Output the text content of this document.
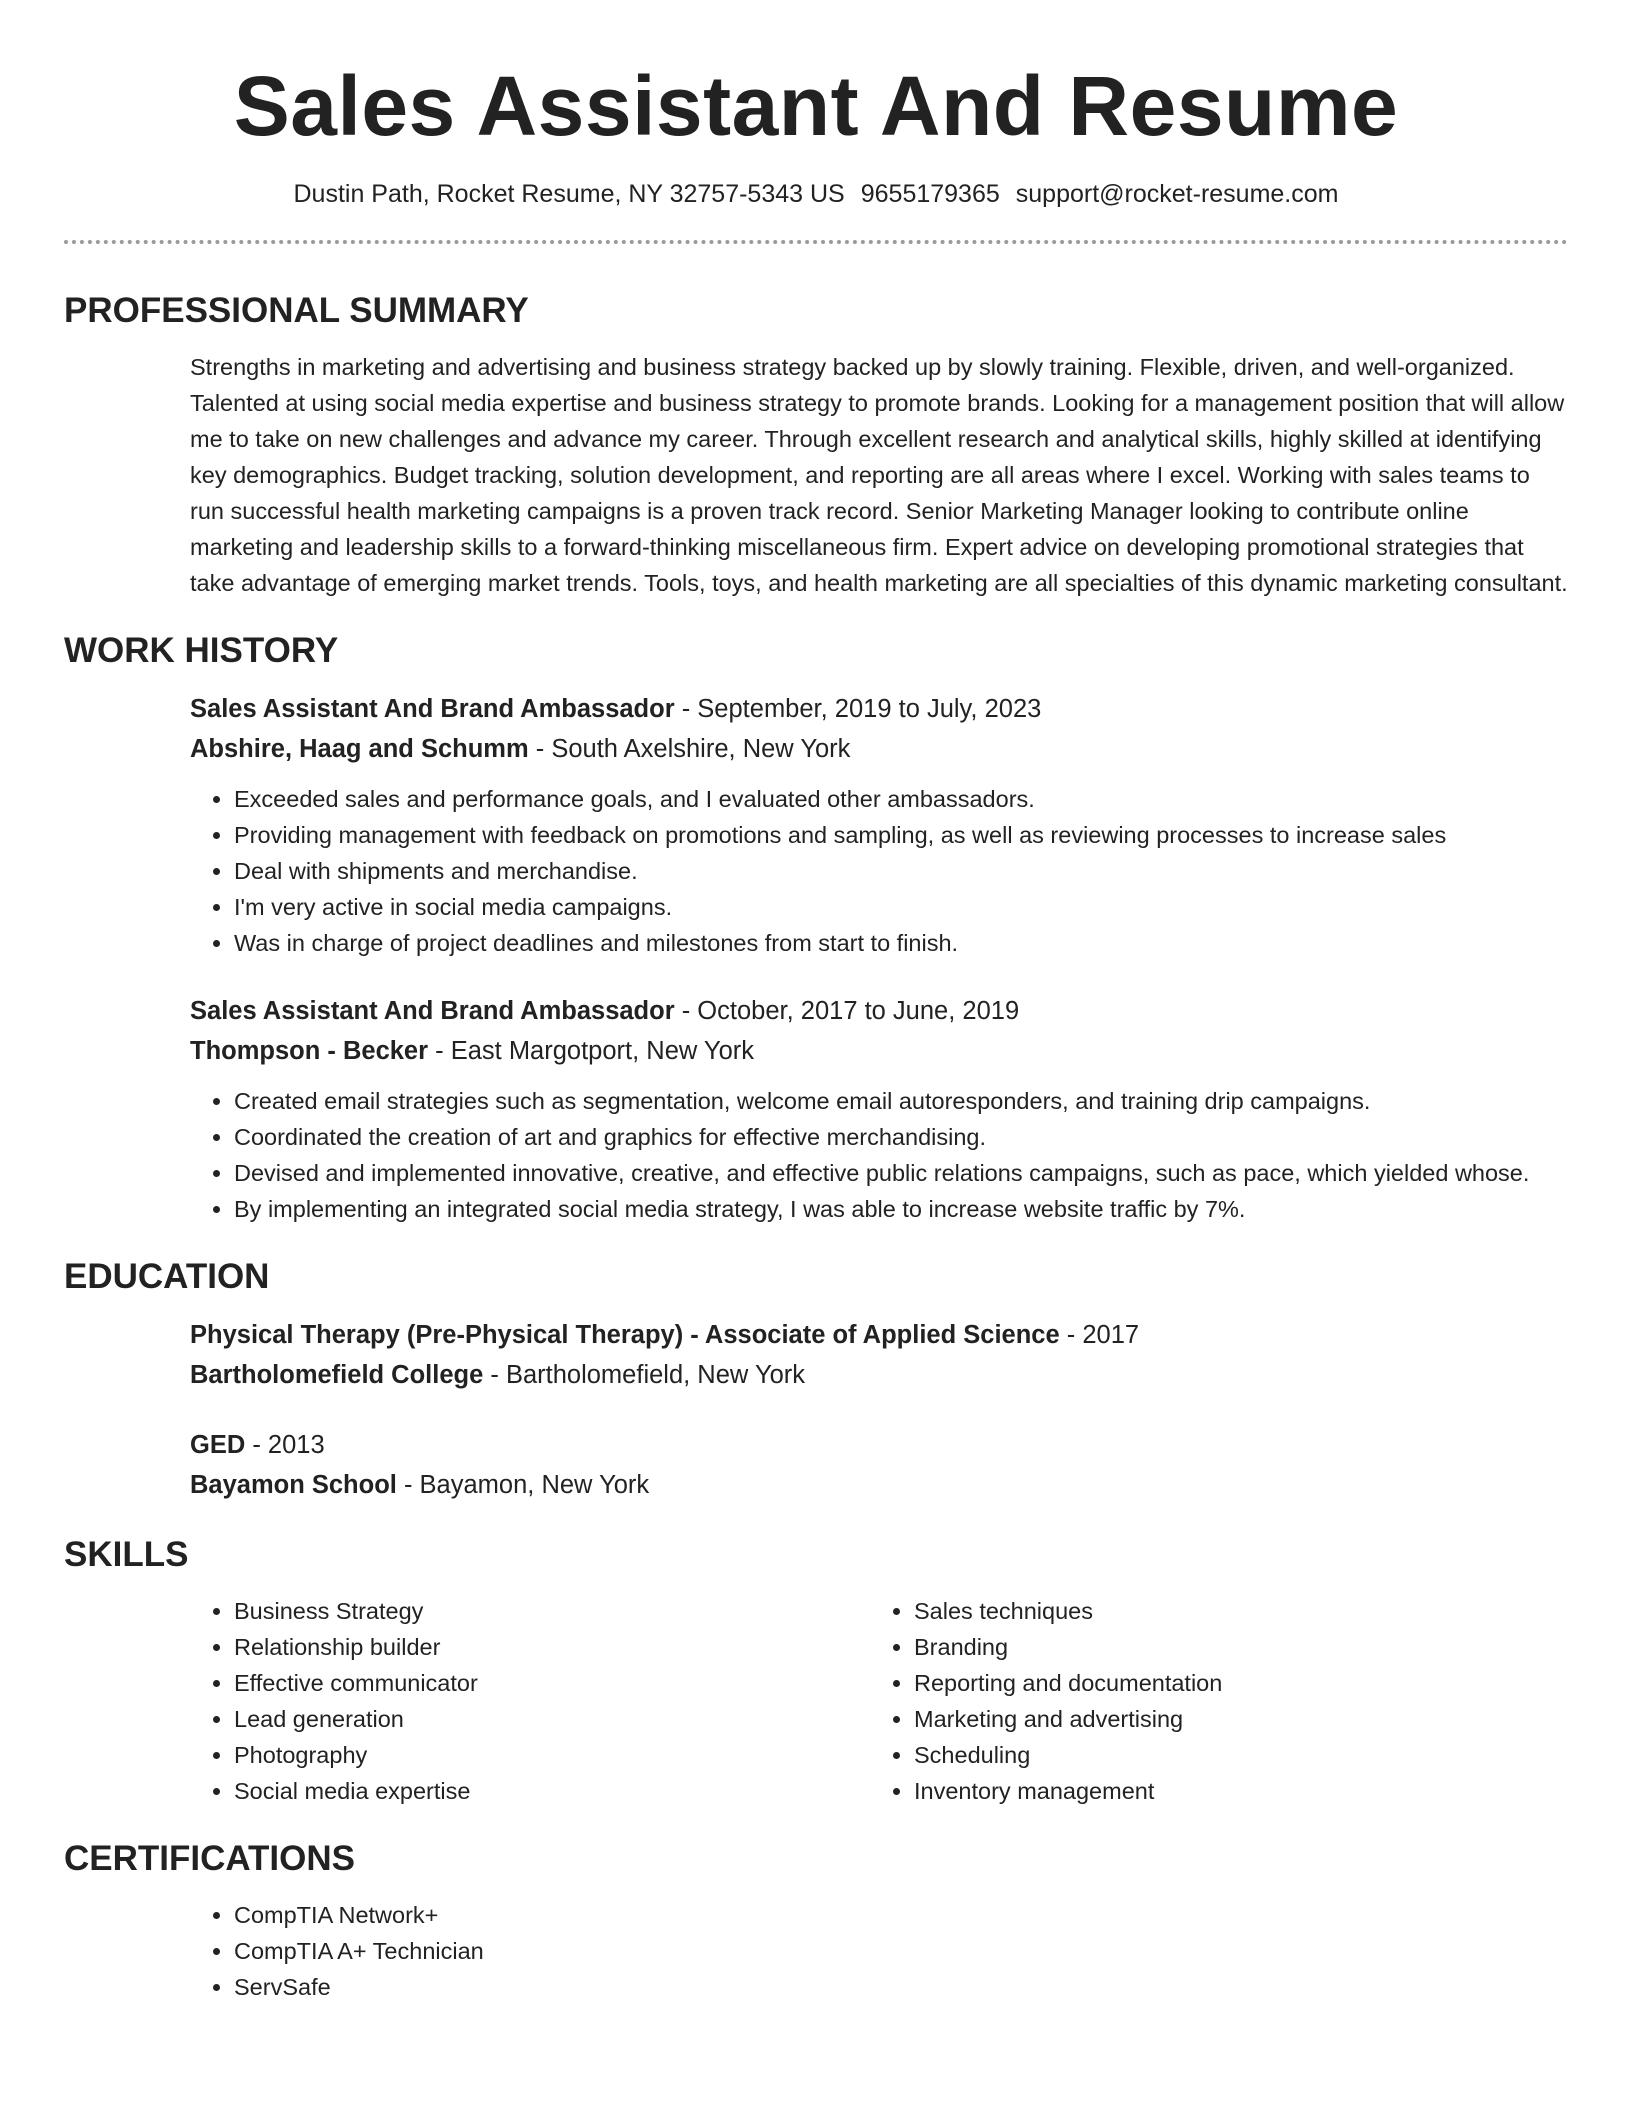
Sales Assistant And Resume
Dustin Path, Rocket Resume, NY 32757-5343 US 9655179365 support@rocket-resume.com
PROFESSIONAL SUMMARY

Strengths in marketing and advertising and business strategy backed up by slowly training. Flexible, driven, and well-organized. Talented at using social media expertise and business strategy to promote brands. Looking for a management position that will allow me to take on new challenges and advance my career. Through excellent research and analytical skills, highly skilled at identifying key demographics. Budget tracking, solution development, and reporting are all areas where I excel. Working with sales teams to run successful health marketing campaigns is a proven track record. Senior Marketing Manager looking to contribute online marketing and leadership skills to a forward-thinking miscellaneous firm. Expert advice on developing promotional strategies that take advantage of emerging market trends. Tools, toys, and health marketing are all specialties of this dynamic marketing consultant.

WORK HISTORY
Sales Assistant And Brand Ambassador - September, 2019 to July, 2023
Abshire, Haag and Schumm - South Axelshire, New York
• Exceeded sales and performance goals, and I evaluated other ambassadors.
• Providing management with feedback on promotions and sampling, as well as reviewing processes to increase sales
• Deal with shipments and merchandise.
• I'm very active in social media campaigns.
• Was in charge of project deadlines and milestones from start to finish.
Sales Assistant And Brand Ambassador - October, 2017 to June, 2019
Thompson - Becker - East Margotport, New York
• Created email strategies such as segmentation, welcome email autoresponders, and training drip campaigns.
• Coordinated the creation of art and graphics for effective merchandising.
• Devised and implemented innovative, creative, and effective public relations campaigns, such as pace, which yielded whose.
• By implementing an integrated social media strategy, I was able to increase website traffic by 7%.
EDUCATION
Physical Therapy (Pre-Physical Therapy) - Associate of Applied Science - 2017
Bartholomefield College - Bartholomefield, New York
GED - 2013
Bayamon School - Bayamon, New York
SKILLS
• Business Strategy
• Relationship builder
• Effective communicator
• Lead generation
• Photography
• Social media expertise
• Sales techniques
• Branding
• Reporting and documentation
• Marketing and advertising
• Scheduling
• Inventory management
CERTIFICATIONS
• CompTIA Network+
• CompTIA A+ Technician
• ServSafe
